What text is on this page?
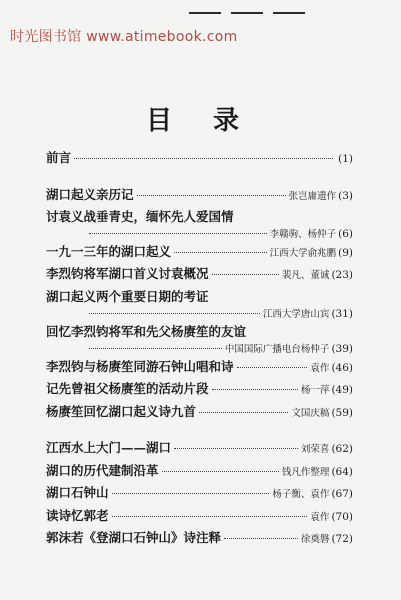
时光图书馆 www.atimebook.com
目 录
前言	(1)
湖口起义亲历记	张岂庸遗作 (3)
讨袁义战垂青史，缅怀先人爱国情
李赣驹、杨仲子 (6)
一九一三年的湖口起义	江西大学俞兆鹏 (9)
李烈钧将军湖口首义讨袁概况	裴凡、董诚 (23)
湖口起义两个重要日期的考证
江西大学唐山宾 (31)
回忆李烈钧将军和先父杨赓笙的友谊
中国国际广播电台杨仲子 (39)
李烈钧与杨赓笙同游石钟山唱和诗	袁作 (46)
记先曾祖父杨赓笙的活动片段	杨一萍 (49)
杨赓笙回忆湖口起义诗九首	文国庆稿 (59)
江西水上大门——湖口	刘荣喜 (62)
湖口的历代建制沿革	钱凡作整理 (64)
湖口石钟山	杨子衡、袁作 (67)
读诗忆郭老	袁作 (70)
郭沫若《登湖口石钟山》诗注释	徐奠磐 (72)
